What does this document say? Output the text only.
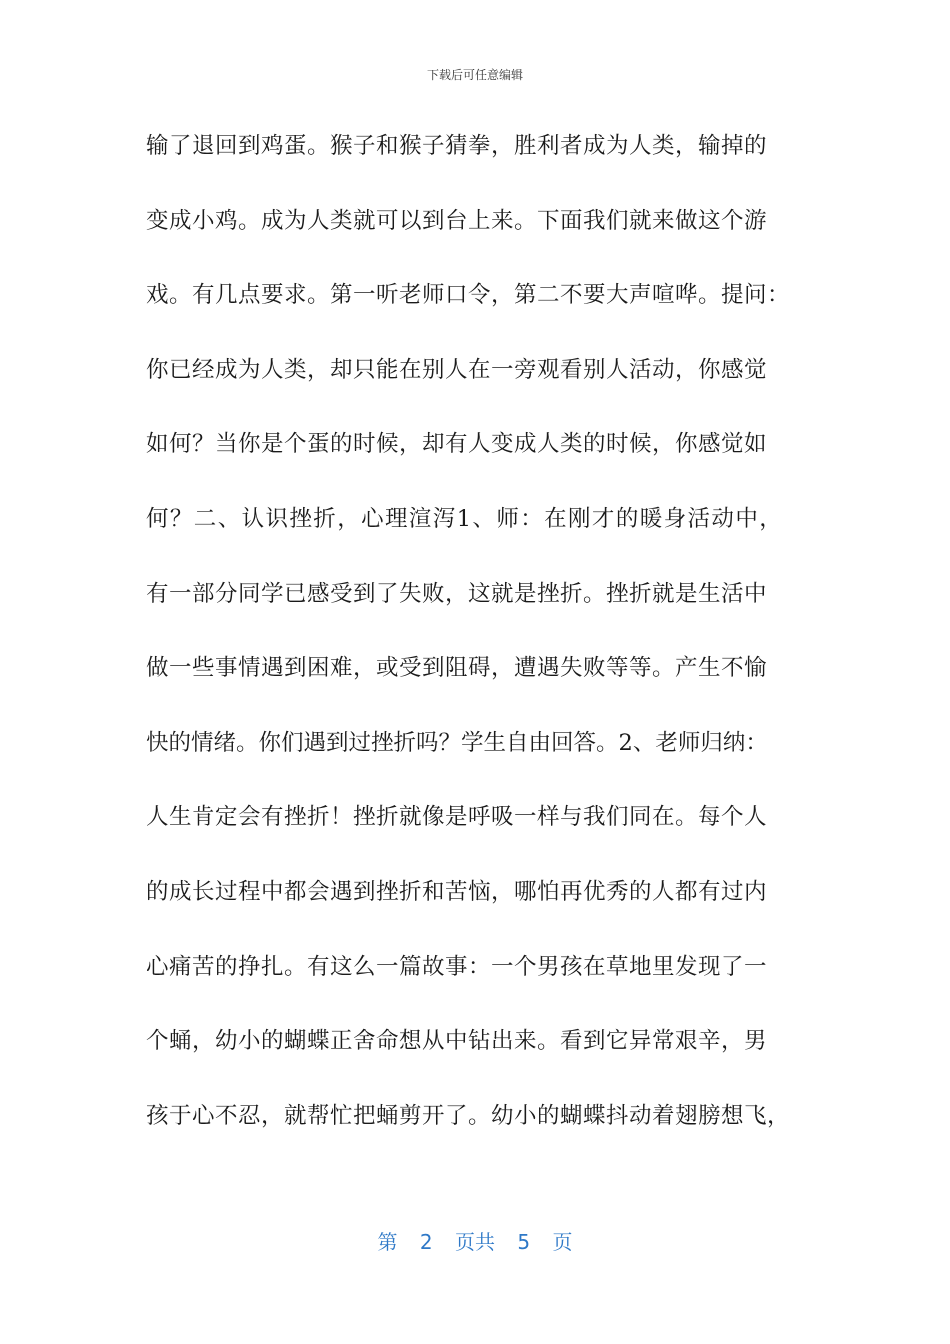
下载后可任意编辑
输了退回到鸡蛋。猴子和猴子猜拳，胜利者成为人类，输掉的
变成小鸡。成为人类就可以到台上来。下面我们就来做这个游
戏。有几点要求。第一听老师口令，第二不要大声喧哗。提问：
你已经成为人类，却只能在别人在一旁观看别人活动，你感觉
如何？当你是个蛋的时候，却有人变成人类的时候，你感觉如
何？二、认识挫折，心理渲泻1、师：在刚才的暖身活动中，
有一部分同学已感受到了失败，这就是挫折。挫折就是生活中
做一些事情遇到困难，或受到阻碍，遭遇失败等等。产生不愉
快的情绪。你们遇到过挫折吗？学生自由回答。2、老师归纳：
人生肯定会有挫折！挫折就像是呼吸一样与我们同在。每个人
的成长过程中都会遇到挫折和苦恼，哪怕再优秀的人都有过内
心痛苦的挣扎。有这么一篇故事：一个男孩在草地里发现了一
个蛹，幼小的蝴蝶正舍命想从中钻出来。看到它异常艰辛，男
孩于心不忍，就帮忙把蛹剪开了。幼小的蝴蝶抖动着翅膀想飞，
第 2 页共 5 页
